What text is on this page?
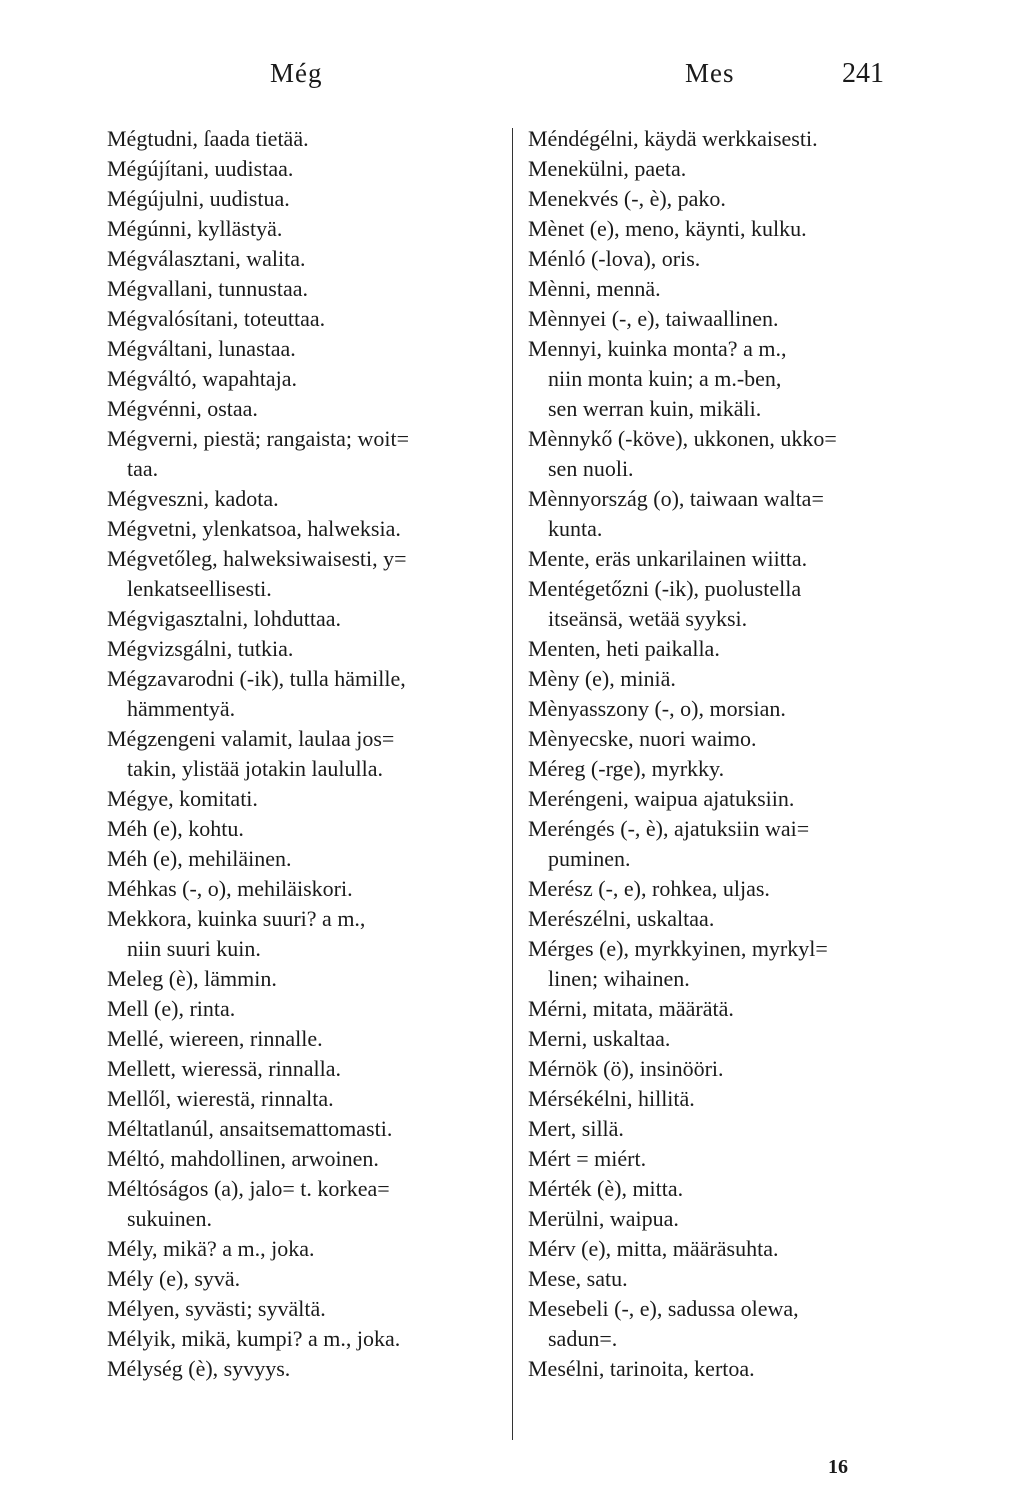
Még	Mes	241
Mégtudni, ſaada tietää.
Mégújítani, uudistaa.
Mégújulni, uudistua.
Mégúnni, kyllästyä.
Mégválasztani, walita.
Mégvallani, tunnustaa.
Mégvalósítani, toteuttaa.
Mégváltani, lunastaa.
Mégváltó, wapahtaja.
Mégvénni, ostaa.
Mégverni, piestä; rangaista; woit=
taa.
Mégveszni, kadota.
Mégvetni, ylenkatsoa, halweksia.
Mégvetőleg, halweksiwaisesti, y=
lenkatseellisesti.
Mégvigasztalni, lohduttaa.
Mégvizsgálni, tutkia.
Mégzavarodni (-ik), tulla hämille,
hämmentyä.
Mégzengeni valamit, laulaa jos=
takin, ylistää jotakin laululla.
Mégye, komitati.
Méh (e), kohtu.
Méh (e), mehiläinen.
Méhkas (-, o), mehiläiskori.
Mekkora, kuinka suuri? a m.,
niin suuri kuin.
Meleg (è), lämmin.
Mell (e), rinta.
Mellé, wiereen, rinnalle.
Mellett, wieressä, rinnalla.
Mellől, wierestä, rinnalta.
Méltatlanúl, ansaitsemattomasti.
Méltó, mahdollinen, arwoinen.
Méltóságos (a), jalo= t. korkea=
sukuinen.
Mély, mikä? a m., joka.
Mély (e), syvä.
Mélyen, syvästi; syvältä.
Mélyik, mikä, kumpi? a m., joka.
Mélység (è), syvyys.
Méndégélni, käydä werkkaisesti.
Menekülni, paeta.
Menekvés (-, è), pako.
Mènet (e), meno, käynti, kulku.
Ménló (-lova), oris.
Mènni, mennä.
Mènnyei (-, e), taiwaallinen.
Mennyi, kuinka monta? a m.,
niin monta kuin; a m.-ben,
sen werran kuin, mikäli.
Mènnykő (-köve), ukkonen, ukko=
sen nuoli.
Mènnyország (o), taiwaan walta=
kunta.
Mente, eräs unkarilainen wiitta.
Mentégetőzni (-ik), puolustella
itseänsä, wetää syyksi.
Menten, heti paikalla.
Mèny (e), miniä.
Mènyasszony (-, o), morsian.
Mènyecske, nuori waimo.
Méreg (-rge), myrkky.
Meréngeni, waipua ajatuksiin.
Meréngés (-, è), ajatuksiin wai=
puminen.
Merész (-, e), rohkea, uljas.
Merészélni, uskaltaa.
Mérges (e), myrkkyinen, myrkyl=
linen; wihainen.
Mérni, mitata, määrätä.
Merni, uskaltaa.
Mérnök (ö), insinööri.
Mérsékélni, hillitä.
Mert, sillä.
Mért = miért.
Mérték (è), mitta.
Merülni, waipua.
Mérv (e), mitta, määräsuhta.
Mese, satu.
Mesebeli (-, e), sadussa olewa,
sadun=.
Mesélni, tarinoita, kertoa.
16
